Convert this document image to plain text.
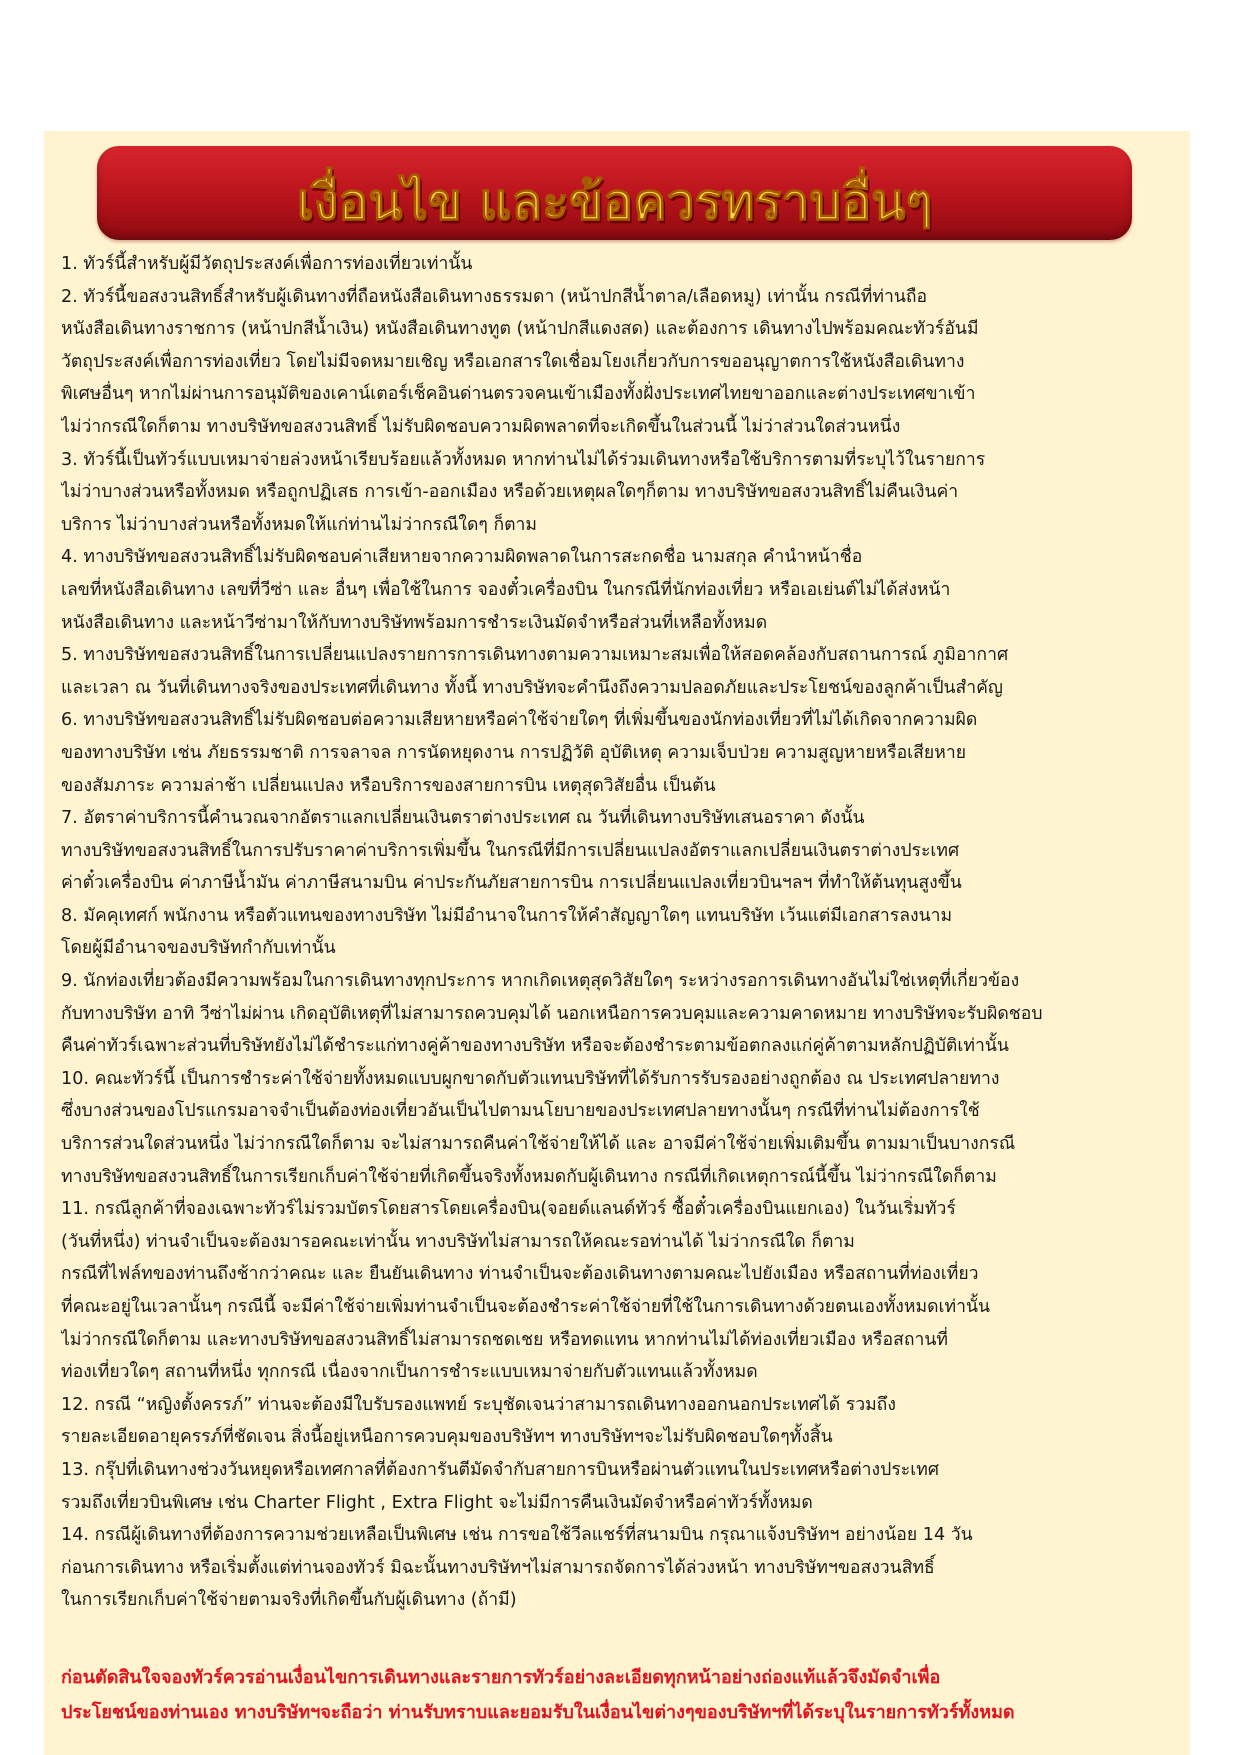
เงื่อนไข และข้อควรทราบอื่นๆ
1. ทัวร์นี้สำหรับผู้มีวัตถุประสงค์เพื่อการท่องเที่ยวเท่านั้น
2. ทัวร์นี้ขอสงวนสิทธิ์สำหรับผู้เดินทางที่ถือหนังสือเดินทางธรรมดา (หน้าปกสีน้ำตาล/เลือดหมู) เท่านั้น กรณีที่ท่านถือ
หนังสือเดินทางราชการ (หน้าปกสีน้ำเงิน) หนังสือเดินทางทูต (หน้าปกสีแดงสด) และต้องการ เดินทางไปพร้อมคณะทัวร์อันมี
วัตถุประสงค์เพื่อการท่องเที่ยว โดยไม่มีจดหมายเชิญ หรือเอกสารใดเชื่อมโยงเกี่ยวกับการขออนุญาตการใช้หนังสือเดินทาง
พิเศษอื่นๆ หากไม่ผ่านการอนุมัติของเคาน์เตอร์เช็คอินด่านตรวจคนเข้าเมืองทั้งฝั่งประเทศไทยขาออกและต่างประเทศขาเข้า
ไม่ว่ากรณีใดก็ตาม ทางบริษัทขอสงวนสิทธิ์ ไม่รับผิดชอบความผิดพลาดที่จะเกิดขึ้นในส่วนนี้ ไม่ว่าส่วนใดส่วนหนึ่ง
3. ทัวร์นี้เป็นทัวร์แบบเหมาจ่ายล่วงหน้าเรียบร้อยแล้วทั้งหมด หากท่านไม่ได้ร่วมเดินทางหรือใช้บริการตามที่ระบุไว้ในรายการ
ไม่ว่าบางส่วนหรือทั้งหมด หรือถูกปฏิเสธ การเข้า-ออกเมือง หรือด้วยเหตุผลใดๆก็ตาม ทางบริษัทขอสงวนสิทธิ์ไม่คืนเงินค่า
บริการ ไม่ว่าบางส่วนหรือทั้งหมดให้แก่ท่านไม่ว่ากรณีใดๆ ก็ตาม
4. ทางบริษัทขอสงวนสิทธิ์ไม่รับผิดชอบค่าเสียหายจากความผิดพลาดในการสะกดชื่อ นามสกุล คำนำหน้าชื่อ
เลขที่หนังสือเดินทาง เลขที่วีซ่า และ อื่นๆ เพื่อใช้ในการ จองตั๋วเครื่องบิน ในกรณีที่นักท่องเที่ยว หรือเอเย่นต์ไม่ได้ส่งหน้า
หนังสือเดินทาง และหน้าวีซ่ามาให้กับทางบริษัทพร้อมการชำระเงินมัดจำหรือส่วนที่เหลือทั้งหมด
5. ทางบริษัทขอสงวนสิทธิ์ในการเปลี่ยนแปลงรายการการเดินทางตามความเหมาะสมเพื่อให้สอดคล้องกับสถานการณ์ ภูมิอากาศ
และเวลา ณ วันที่เดินทางจริงของประเทศที่เดินทาง ทั้งนี้ ทางบริษัทจะคำนึงถึงความปลอดภัยและประโยชน์ของลูกค้าเป็นสำคัญ
6. ทางบริษัทขอสงวนสิทธิ์ไม่รับผิดชอบต่อความเสียหายหรือค่าใช้จ่ายใดๆ ที่เพิ่มขึ้นของนักท่องเที่ยวที่ไม่ได้เกิดจากความผิด
ของทางบริษัท เช่น ภัยธรรมชาติ การจลาจล การนัดหยุดงาน การปฏิวัติ อุบัติเหตุ ความเจ็บป่วย ความสูญหายหรือเสียหาย
ของสัมภาระ ความล่าช้า เปลี่ยนแปลง หรือบริการของสายการบิน เหตุสุดวิสัยอื่น เป็นต้น
7. อัตราค่าบริการนี้คำนวณจากอัตราแลกเปลี่ยนเงินตราต่างประเทศ ณ วันที่เดินทางบริษัทเสนอราคา ดังนั้น
ทางบริษัทขอสงวนสิทธิ์ในการปรับราคาค่าบริการเพิ่มขึ้น ในกรณีที่มีการเปลี่ยนแปลงอัตราแลกเปลี่ยนเงินตราต่างประเทศ
ค่าตั๋วเครื่องบิน ค่าภาษีน้ำมัน ค่าภาษีสนามบิน ค่าประกันภัยสายการบิน การเปลี่ยนแปลงเที่ยวบินฯลฯ ที่ทำให้ต้นทุนสูงขึ้น
8. มัคคุเทศก์ พนักงาน หรือตัวแทนของทางบริษัท ไม่มีอำนาจในการให้คำสัญญาใดๆ แทนบริษัท เว้นแต่มีเอกสารลงนาม
โดยผู้มีอำนาจของบริษัทกำกับเท่านั้น
9. นักท่องเที่ยวต้องมีความพร้อมในการเดินทางทุกประการ หากเกิดเหตุสุดวิสัยใดๆ ระหว่างรอการเดินทางอันไม่ใช่เหตุที่เกี่ยวข้อง
กับทางบริษัท อาทิ วีซ่าไม่ผ่าน เกิดอุบัติเหตุที่ไม่สามารถควบคุมได้ นอกเหนือการควบคุมและความคาดหมาย ทางบริษัทจะรับผิดชอบ
คืนค่าทัวร์เฉพาะส่วนที่บริษัทยังไม่ได้ชำระแก่ทางคู่ค้าของทางบริษัท หรือจะต้องชำระตามข้อตกลงแก่คู่ค้าตามหลักปฏิบัติเท่านั้น
10. คณะทัวร์นี้ เป็นการชำระค่าใช้จ่ายทั้งหมดแบบผูกขาดกับตัวแทนบริษัทที่ได้รับการรับรองอย่างถูกต้อง ณ ประเทศปลายทาง
ซึ่งบางส่วนของโปรแกรมอาจจำเป็นต้องท่องเที่ยวอันเป็นไปตามนโยบายของประเทศปลายทางนั้นๆ กรณีที่ท่านไม่ต้องการใช้
บริการส่วนใดส่วนหนึ่ง ไม่ว่ากรณีใดก็ตาม จะไม่สามารถคืนค่าใช้จ่ายให้ได้ และ อาจมีค่าใช้จ่ายเพิ่มเติมขึ้น ตามมาเป็นบางกรณี
ทางบริษัทขอสงวนสิทธิ์ในการเรียกเก็บค่าใช้จ่ายที่เกิดขึ้นจริงทั้งหมดกับผู้เดินทาง กรณีที่เกิดเหตุการณ์นี้ขึ้น ไม่ว่ากรณีใดก็ตาม
11. กรณีลูกค้าที่จองเฉพาะทัวร์ไม่รวมบัตรโดยสารโดยเครื่องบิน(จอยด์แลนด์ทัวร์ ซื้อตั๋วเครื่องบินแยกเอง) ในวันเริ่มทัวร์
(วันที่หนึ่ง) ท่านจำเป็นจะต้องมารอคณะเท่านั้น ทางบริษัทไม่สามารถให้คณะรอท่านได้ ไม่ว่ากรณีใด ก็ตาม
กรณีที่ไฟล์ทของท่านถึงช้ากว่าคณะ และ ยืนยันเดินทาง ท่านจำเป็นจะต้องเดินทางตามคณะไปยังเมือง หรือสถานที่ท่องเที่ยว
ที่คณะอยู่ในเวลานั้นๆ กรณีนี้ จะมีค่าใช้จ่ายเพิ่มท่านจำเป็นจะต้องชำระค่าใช้จ่ายที่ใช้ในการเดินทางด้วยตนเองทั้งหมดเท่านั้น
ไม่ว่ากรณีใดก็ตาม และทางบริษัทขอสงวนสิทธิ์ไม่สามารถชดเชย หรือทดแทน หากท่านไม่ได้ท่องเที่ยวเมือง หรือสถานที่
ท่องเที่ยวใดๆ สถานที่หนึ่ง ทุกกรณี เนื่องจากเป็นการชำระแบบเหมาจ่ายกับตัวแทนแล้วทั้งหมด
12. กรณี “หญิงตั้งครรภ์” ท่านจะต้องมีใบรับรองแพทย์ ระบุชัดเจนว่าสามารถเดินทางออกนอกประเทศได้ รวมถึง
รายละเอียดอายุครรภ์ที่ชัดเจน สิ่งนี้อยู่เหนือการควบคุมของบริษัทฯ ทางบริษัทฯจะไม่รับผิดชอบใดๆทั้งสิ้น
13. กรุ๊ปที่เดินทางช่วงวันหยุดหรือเทศกาลที่ต้องการันตีมัดจำกับสายการบินหรือผ่านตัวแทนในประเทศหรือต่างประเทศ
รวมถึงเที่ยวบินพิเศษ เช่น Charter Flight , Extra Flight จะไม่มีการคืนเงินมัดจำหรือค่าทัวร์ทั้งหมด
14. กรณีผู้เดินทางที่ต้องการความช่วยเหลือเป็นพิเศษ เช่น การขอใช้วีลแชร์ที่สนามบิน กรุณาแจ้งบริษัทฯ อย่างน้อย 14 วัน
ก่อนการเดินทาง หรือเริ่มตั้งแต่ท่านจองทัวร์ มิฉะนั้นทางบริษัทฯไม่สามารถจัดการได้ล่วงหน้า ทางบริษัทฯขอสงวนสิทธิ์
ในการเรียกเก็บค่าใช้จ่ายตามจริงที่เกิดขึ้นกับผู้เดินทาง (ถ้ามี)
ก่อนตัดสินใจจองทัวร์ควรอ่านเงื่อนไขการเดินทางและรายการทัวร์อย่างละเอียดทุกหน้าอย่างถ่องแท้แล้วจึงมัดจำเพื่อ
ประโยชน์ของท่านเอง ทางบริษัทฯจะถือว่า ท่านรับทราบและยอมรับในเงื่อนไขต่างๆของบริษัทฯที่ได้ระบุในรายการทัวร์ทั้งหมด
